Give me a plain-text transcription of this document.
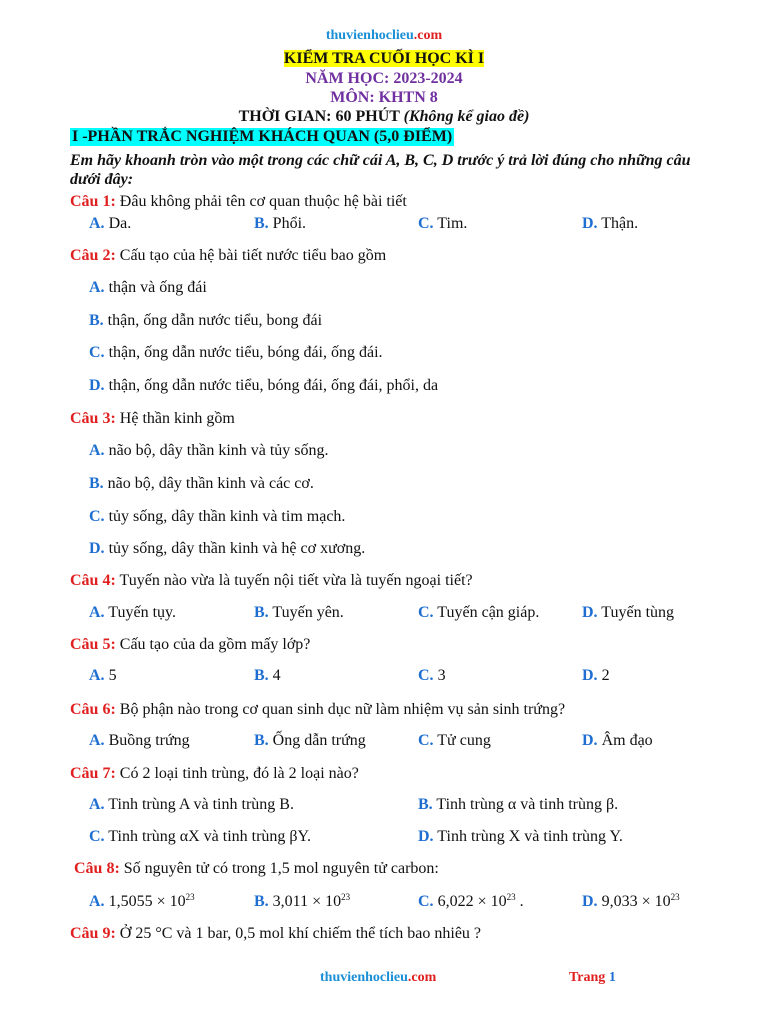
thuvienhoclieu.com
KIỂM TRA CUỐI HỌC KÌ I
NĂM HỌC: 2023-2024
MÔN: KHTN 8
THỜI GIAN: 60 PHÚT (Không kể giao đề)
I -PHẦN TRẮC NGHIỆM KHÁCH QUAN (5,0 ĐIỂM)
Em hãy khoanh tròn vào một trong các chữ cái A, B, C, D trước ý trả lời đúng cho những câu dưới đây:
Câu 1: Đâu không phải tên cơ quan thuộc hệ bài tiết
A. Da.	B. Phổi.	C. Tim.	D. Thận.
Câu 2: Cấu tạo của hệ bài tiết nước tiểu bao gồm
A. thận và ống đái
B. thận, ống dẫn nước tiểu, bong đái
C. thận, ống dẫn nước tiểu, bóng đái, ống đái.
D. thận, ống dẫn nước tiểu, bóng đái, ống đái, phổi, da
Câu 3: Hệ thần kinh gồm
A. não bộ, dây thần kinh và tủy sống.
B. não bộ, dây thần kinh và các cơ.
C. tủy sống, dây thần kinh và tim mạch.
D. tủy sống, dây thần kinh và hệ cơ xương.
Câu 4: Tuyến nào vừa là tuyến nội tiết vừa là tuyến ngoại tiết?
A. Tuyến tụy.	B. Tuyến yên.	C. Tuyến cận giáp.	D. Tuyến tùng
Câu 5: Cấu tạo của da gồm mấy lớp?
A. 5	B. 4	C. 3	D. 2
Câu 6: Bộ phận nào trong cơ quan sinh dục nữ làm nhiệm vụ sản sinh trứng?
A. Buồng trứng	B. Ống dẫn trứng	C. Tử cung	D. Âm đạo
Câu 7: Có 2 loại tinh trùng, đó là 2 loại nào?
A. Tinh trùng A và tinh trùng B.	B. Tinh trùng α và tinh trùng β.
C. Tinh trùng αX và tinh trùng βY.	D. Tinh trùng X và tinh trùng Y.
Câu 8: Số nguyên tử có trong 1,5 mol nguyên tử carbon:
A. $1,5055 \times 10^{23}$	B. $3,011 \times 10^{23}$	C. $6,022 \times 10^{23}$ .	D. $9,033 \times 10^{23}$
Câu 9: Ở 25 °C và 1 bar, 0,5 mol khí chiếm thể tích bao nhiêu ?
thuvienhoclieu.com	Trang 1
